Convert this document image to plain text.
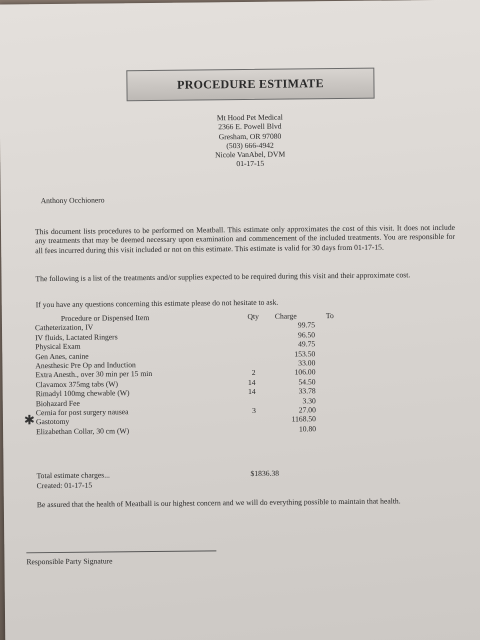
PROCEDURE ESTIMATE
Mt Hood Pet Medical
2366 E. Powell Blvd
Gresham, OR 97080
(503) 666-4942
Nicole VanAbel, DVM
01-17-15
Anthony Occhionero
This document lists procedures to be performed on Meatball. This estimate only approximates the cost of this visit. It does not include any treatments that may be deemed necessary upon examination and commencement of the included treatments. You are responsible for all fees incurred during this visit included or not on this estimate. This estimate is valid for 30 days from 01-17-15.
The following is a list of the treatments and/or supplies expected to be required during this visit and their approximate cost.
If you have any questions concerning this estimate please do not hesitate to ask.
Procedure or Dispensed Item	Qty Charge	To
Catheterization, IV	99.75
IV fluids, Lactated Ringers	96.50
Physical Exam	49.75
Gen Anes, canine	153.50
Anesthesic Pre Op and Induction	33.00
Extra Anesth., over 30 min per 15 min	2	106.00
Clavamox 375mg tabs (W)	14	54.50
Rimadyl 100mg chewable (W)	14	33.78
Biohazard Fee	3.30
Cernia for post surgery nausea	3	27.00
✱ Gastotomy	1168.50
Elizabethan Collar, 30 cm (W)	10.80
Total estimate charges...	$1836.38
Created: 01-17-15
Be assured that the health of Meatball is our highest concern and we will do everything possible to maintain that health.
Responsible Party Signature
